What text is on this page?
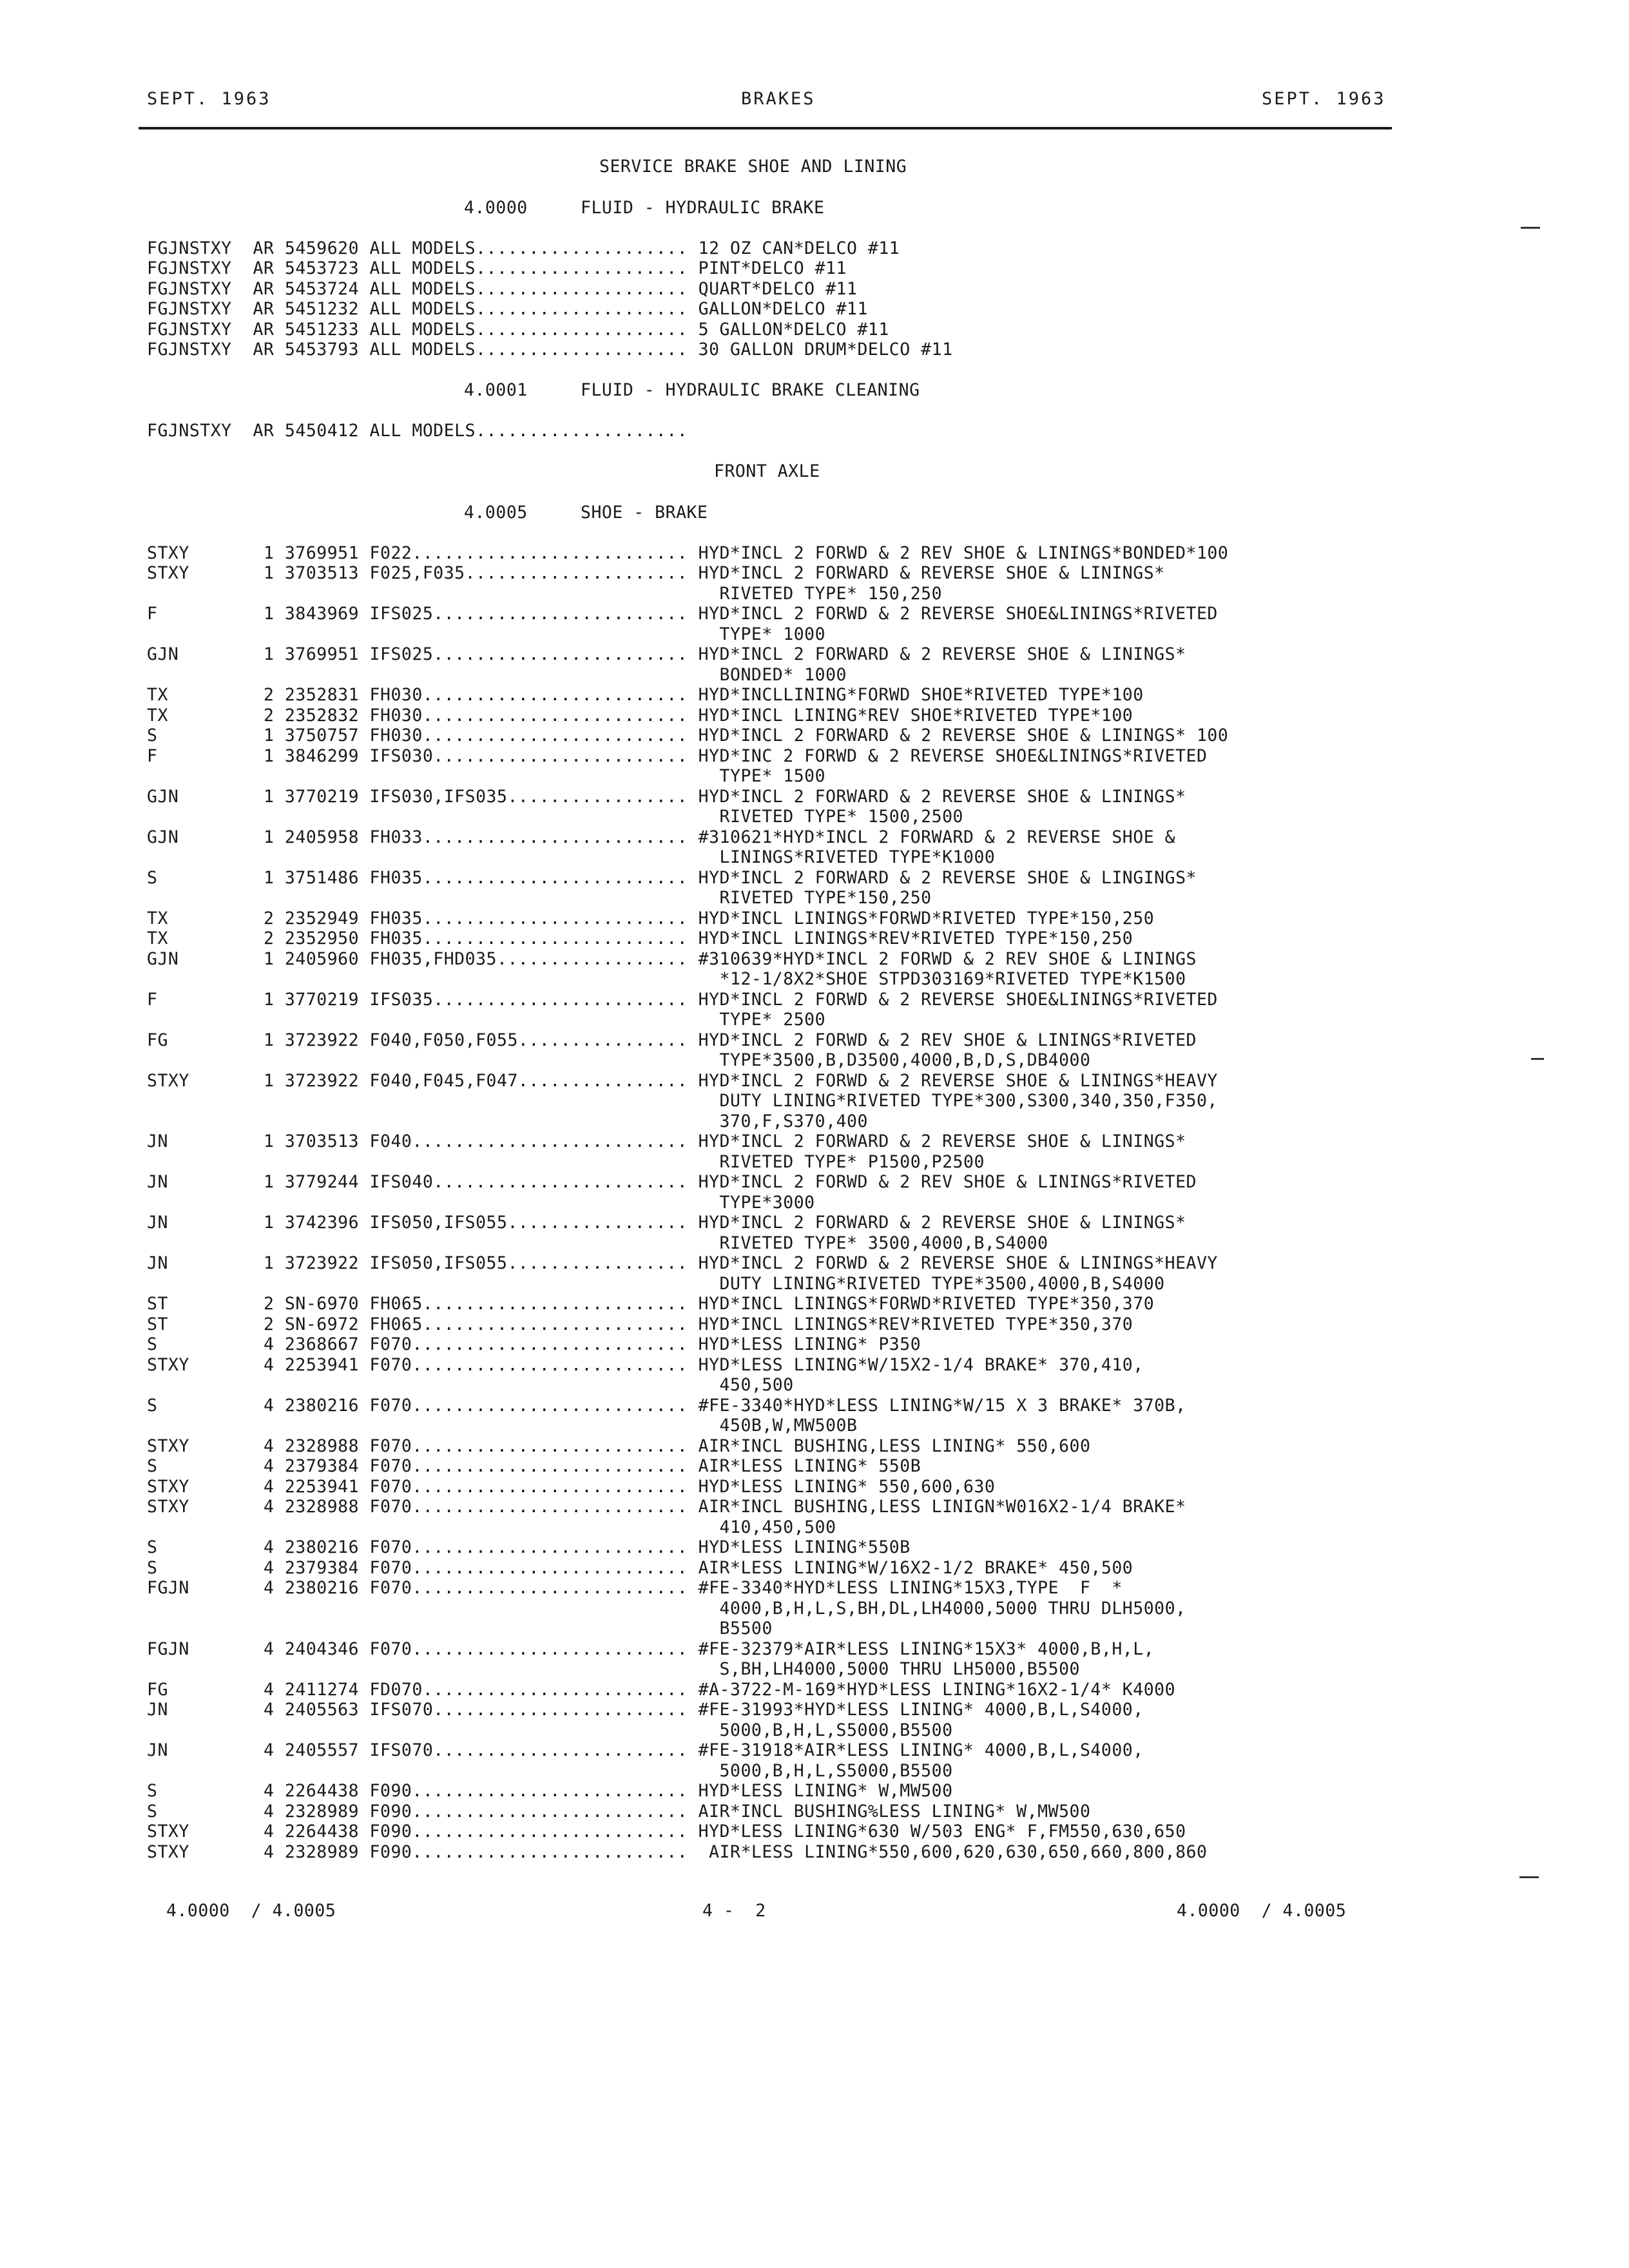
SEPT. 1963	BRAKES	SEPT. 1963
SERVICE BRAKE SHOE AND LINING
4.0000     FLUID - HYDRAULIC BRAKE
FGJNSTXY  AR 5459620 ALL MODELS.................... 12 OZ CAN*DELCO #11
FGJNSTXY  AR 5453723 ALL MODELS.................... PINT*DELCO #11
FGJNSTXY  AR 5453724 ALL MODELS.................... QUART*DELCO #11
FGJNSTXY  AR 5451232 ALL MODELS.................... GALLON*DELCO #11
FGJNSTXY  AR 5451233 ALL MODELS.................... 5 GALLON*DELCO #11
FGJNSTXY  AR 5453793 ALL MODELS.................... 30 GALLON DRUM*DELCO #11
4.0001     FLUID - HYDRAULIC BRAKE CLEANING
FGJNSTXY  AR 5450412 ALL MODELS....................
FRONT AXLE
4.0005     SHOE - BRAKE
STXY       1 3769951 F022.......................... HYD*INCL 2 FORWD & 2 REV SHOE & LININGS*BONDED*100
STXY       1 3703513 F025,F035..................... HYD*INCL 2 FORWARD & REVERSE SHOE & LININGS*
RIVETED TYPE* 150,250
F          1 3843969 IFS025........................ HYD*INCL 2 FORWD & 2 REVERSE SHOE&LININGS*RIVETED
TYPE* 1000
GJN        1 3769951 IFS025........................ HYD*INCL 2 FORWARD & 2 REVERSE SHOE & LININGS*
BONDED* 1000
TX         2 2352831 FH030......................... HYD*INCLLINING*FORWD SHOE*RIVETED TYPE*100
TX         2 2352832 FH030......................... HYD*INCL LINING*REV SHOE*RIVETED TYPE*100
S          1 3750757 FH030......................... HYD*INCL 2 FORWARD & 2 REVERSE SHOE & LININGS* 100
F          1 3846299 IFS030........................ HYD*INC 2 FORWD & 2 REVERSE SHOE&LININGS*RIVETED
TYPE* 1500
GJN        1 3770219 IFS030,IFS035................. HYD*INCL 2 FORWARD & 2 REVERSE SHOE & LININGS*
RIVETED TYPE* 1500,2500
GJN        1 2405958 FH033......................... #310621*HYD*INCL 2 FORWARD & 2 REVERSE SHOE &
LININGS*RIVETED TYPE*K1000
S          1 3751486 FH035......................... HYD*INCL 2 FORWARD & 2 REVERSE SHOE & LINGINGS*
RIVETED TYPE*150,250
TX         2 2352949 FH035......................... HYD*INCL LININGS*FORWD*RIVETED TYPE*150,250
TX         2 2352950 FH035......................... HYD*INCL LININGS*REV*RIVETED TYPE*150,250
GJN        1 2405960 FH035,FHD035.................. #310639*HYD*INCL 2 FORWD & 2 REV SHOE & LININGS
*12-1/8X2*SHOE STPD303169*RIVETED TYPE*K1500
F          1 3770219 IFS035........................ HYD*INCL 2 FORWD & 2 REVERSE SHOE&LININGS*RIVETED
TYPE* 2500
FG         1 3723922 F040,F050,F055................ HYD*INCL 2 FORWD & 2 REV SHOE & LININGS*RIVETED
TYPE*3500,B,D3500,4000,B,D,S,DB4000
STXY       1 3723922 F040,F045,F047................ HYD*INCL 2 FORWD & 2 REVERSE SHOE & LININGS*HEAVY
DUTY LINING*RIVETED TYPE*300,S300,340,350,F350,
370,F,S370,400
JN         1 3703513 F040.......................... HYD*INCL 2 FORWARD & 2 REVERSE SHOE & LININGS*
RIVETED TYPE* P1500,P2500
JN         1 3779244 IFS040........................ HYD*INCL 2 FORWD & 2 REV SHOE & LININGS*RIVETED
TYPE*3000
JN         1 3742396 IFS050,IFS055................. HYD*INCL 2 FORWARD & 2 REVERSE SHOE & LININGS*
RIVETED TYPE* 3500,4000,B,S4000
JN         1 3723922 IFS050,IFS055................. HYD*INCL 2 FORWD & 2 REVERSE SHOE & LININGS*HEAVY
DUTY LINING*RIVETED TYPE*3500,4000,B,S4000
ST         2 SN-6970 FH065......................... HYD*INCL LININGS*FORWD*RIVETED TYPE*350,370
ST         2 SN-6972 FH065......................... HYD*INCL LININGS*REV*RIVETED TYPE*350,370
S          4 2368667 F070.......................... HYD*LESS LINING* P350
STXY       4 2253941 F070.......................... HYD*LESS LINING*W/15X2-1/4 BRAKE* 370,410,
450,500
S          4 2380216 F070.......................... #FE-3340*HYD*LESS LINING*W/15 X 3 BRAKE* 370B,
450B,W,MW500B
STXY       4 2328988 F070.......................... AIR*INCL BUSHING,LESS LINING* 550,600
S          4 2379384 F070.......................... AIR*LESS LINING* 550B
STXY       4 2253941 F070.......................... HYD*LESS LINING* 550,600,630
STXY       4 2328988 F070.......................... AIR*INCL BUSHING,LESS LINIGN*W016X2-1/4 BRAKE*
410,450,500
S          4 2380216 F070.......................... HYD*LESS LINING*550B
S          4 2379384 F070.......................... AIR*LESS LINING*W/16X2-1/2 BRAKE* 450,500
FGJN       4 2380216 F070.......................... #FE-3340*HYD*LESS LINING*15X3,TYPE  F  *
4000,B,H,L,S,BH,DL,LH4000,5000 THRU DLH5000,
B5500
FGJN       4 2404346 F070.......................... #FE-32379*AIR*LESS LINING*15X3* 4000,B,H,L,
S,BH,LH4000,5000 THRU LH5000,B5500
FG         4 2411274 FD070......................... #A-3722-M-169*HYD*LESS LINING*16X2-1/4* K4000
JN         4 2405563 IFS070........................ #FE-31993*HYD*LESS LINING* 4000,B,L,S4000,
5000,B,H,L,S5000,B5500
JN         4 2405557 IFS070........................ #FE-31918*AIR*LESS LINING* 4000,B,L,S4000,
5000,B,H,L,S5000,B5500
S          4 2264438 F090.......................... HYD*LESS LINING* W,MW500
S          4 2328989 F090.......................... AIR*INCL BUSHING%LESS LINING* W,MW500
STXY       4 2264438 F090.......................... HYD*LESS LINING*630 W/503 ENG* F,FM550,630,650
STXY       4 2328989 F090..........................  AIR*LESS LINING*550,600,620,630,650,660,800,860
4.0000  / 4.0005	4 -  2	4.0000  / 4.0005
